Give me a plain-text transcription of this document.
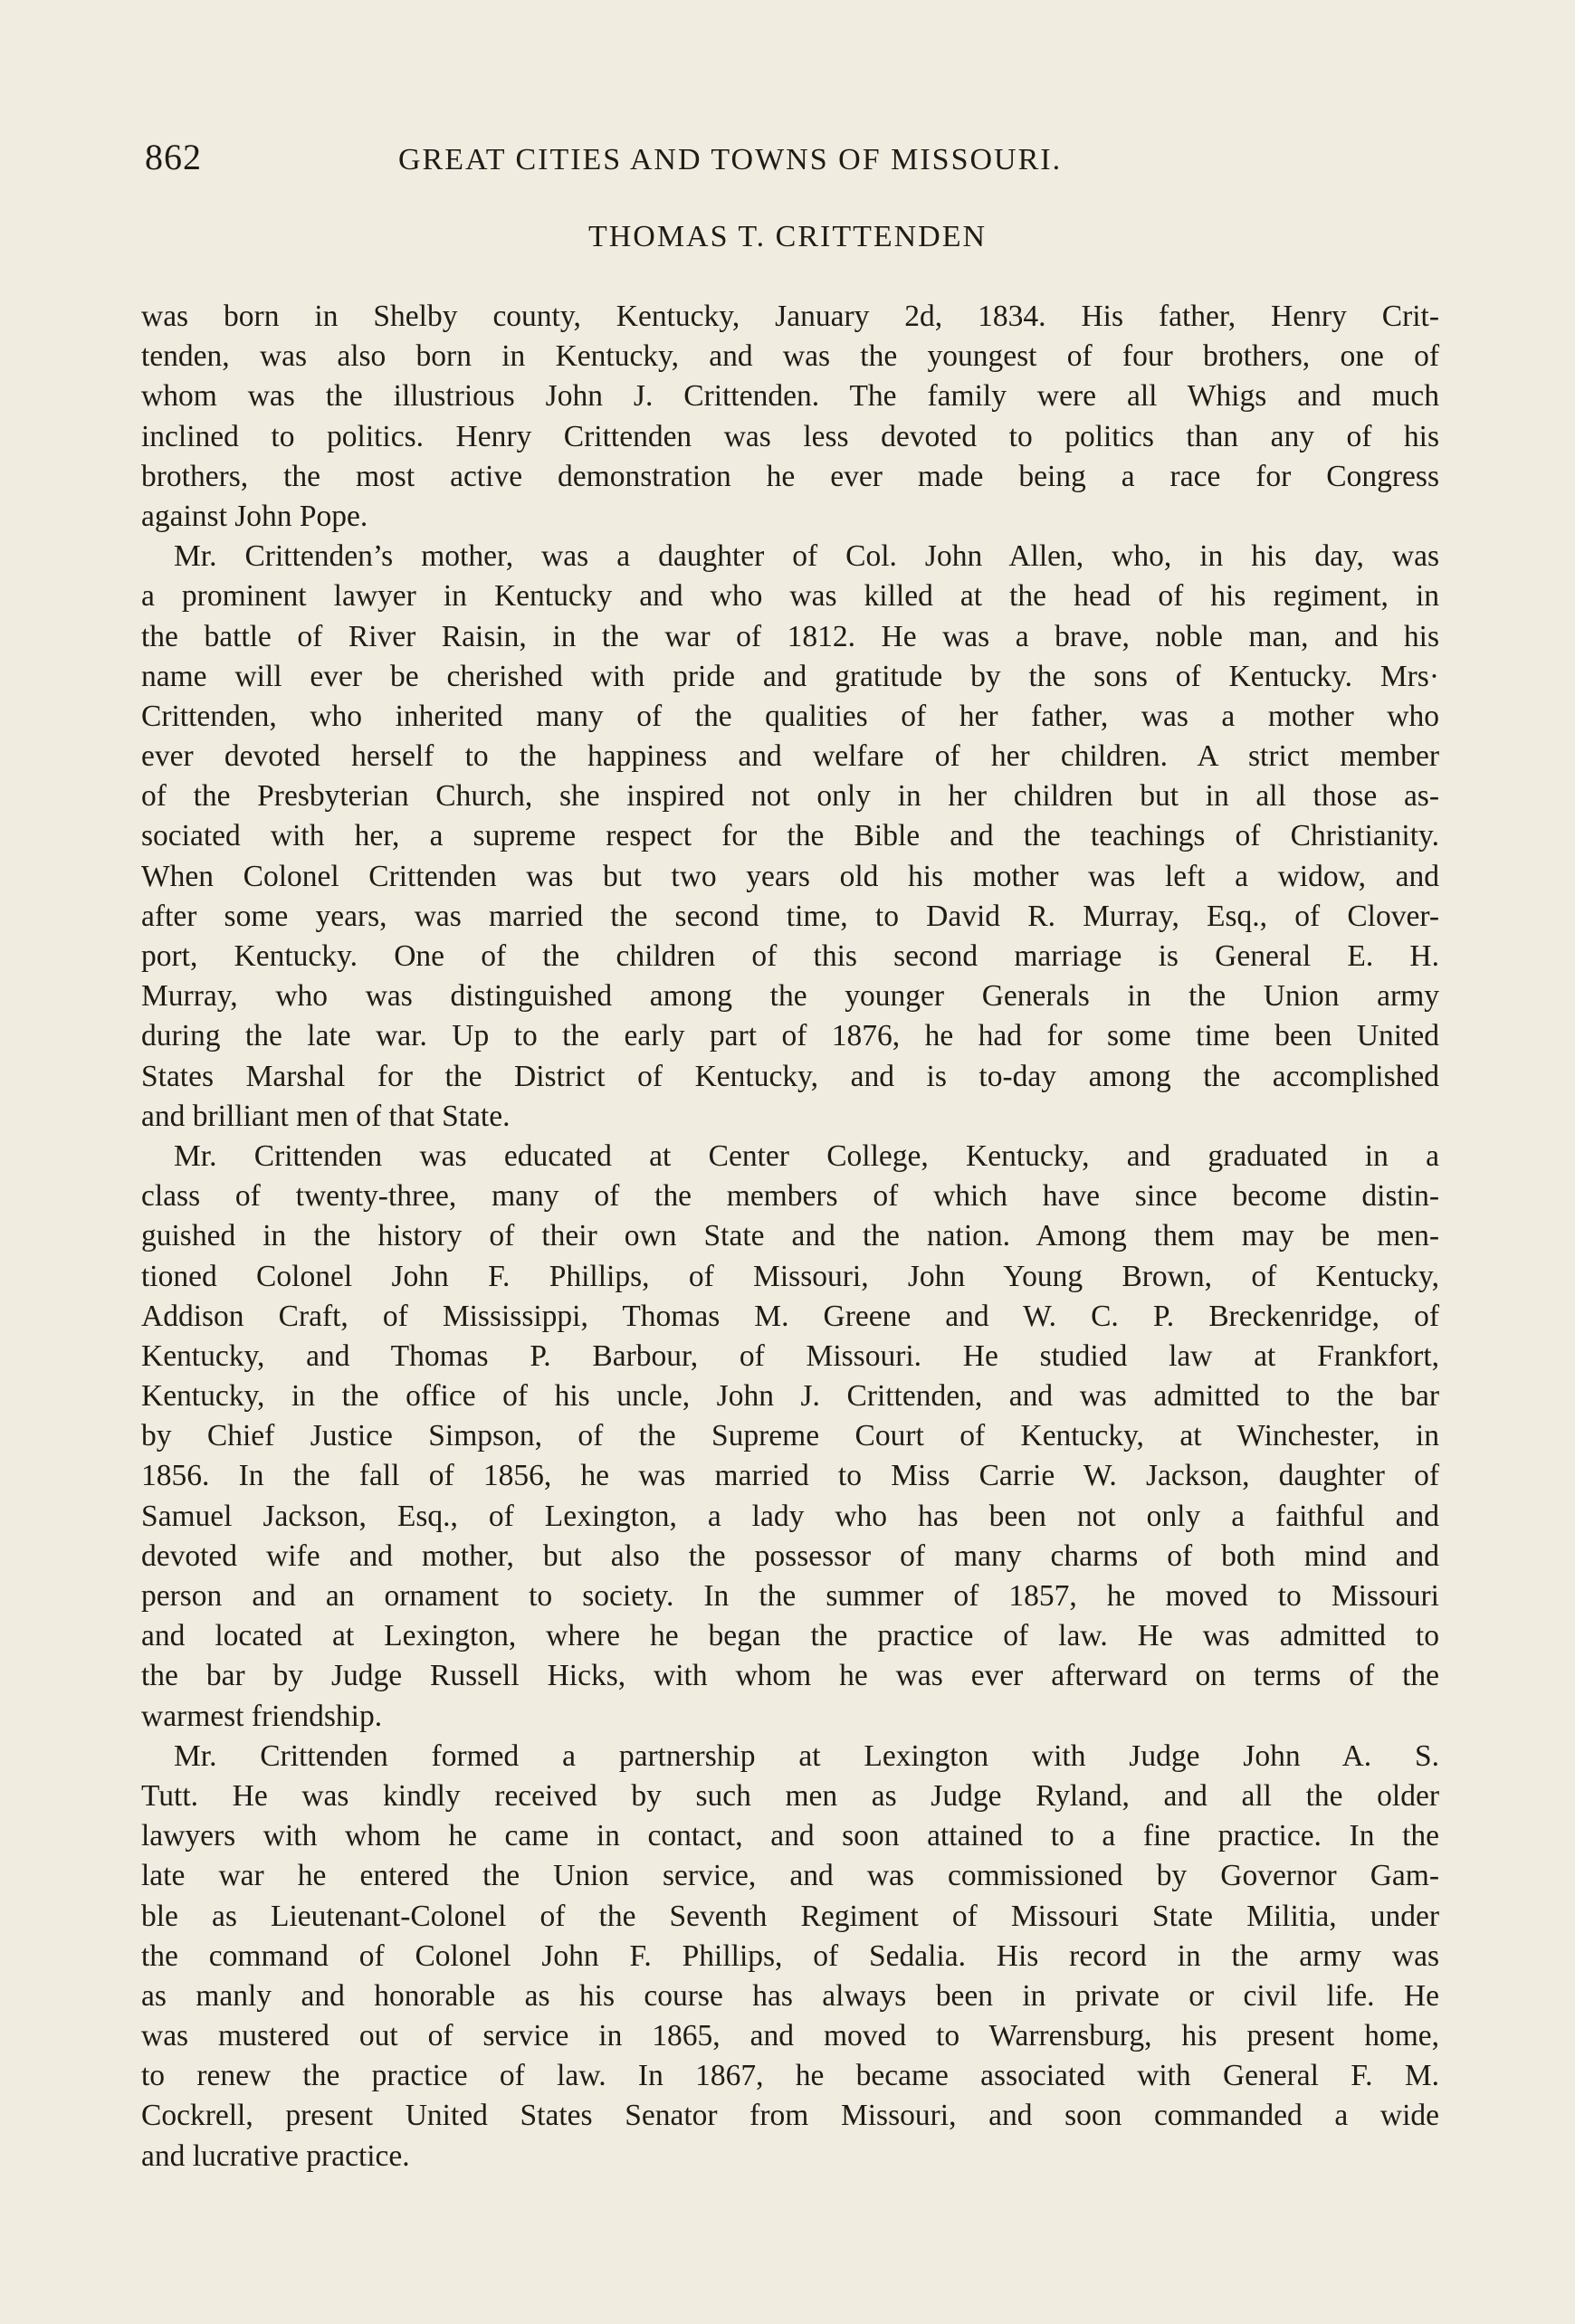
862	GREAT CITIES AND TOWNS OF MISSOURI.
THOMAS T. CRITTENDEN
was born in Shelby county, Kentucky, January 2d, 1834. His father, Henry Crit-
tenden, was also born in Kentucky, and was the youngest of four brothers, one of
whom was the illustrious John J. Crittenden. The family were all Whigs and much
inclined to politics. Henry Crittenden was less devoted to politics than any of his
brothers, the most active demonstration he ever made being a race for Congress
against John Pope.
Mr. Crittenden’s mother, was a daughter of Col. John Allen, who, in his day, was
a prominent lawyer in Kentucky and who was killed at the head of his regiment, in
the battle of River Raisin, in the war of 1812. He was a brave, noble man, and his
name will ever be cherished with pride and gratitude by the sons of Kentucky. Mrs·
Crittenden, who inherited many of the qualities of her father, was a mother who
ever devoted herself to the happiness and welfare of her children. A strict member
of the Presbyterian Church, she inspired not only in her children but in all those as-
sociated with her, a supreme respect for the Bible and the teachings of Christianity.
When Colonel Crittenden was but two years old his mother was left a widow, and
after some years, was married the second time, to David R. Murray, Esq., of Clover-
port, Kentucky. One of the children of this second marriage is General E. H.
Murray, who was distinguished among the younger Generals in the Union army
during the late war. Up to the early part of 1876, he had for some time been United
States Marshal for the District of Kentucky, and is to-day among the accomplished
and brilliant men of that State.
Mr. Crittenden was educated at Center College, Kentucky, and graduated in a
class of twenty-three, many of the members of which have since become distin-
guished in the history of their own State and the nation. Among them may be men-
tioned Colonel John F. Phillips, of Missouri, John Young Brown, of Kentucky,
Addison Craft, of Mississippi, Thomas M. Greene and W. C. P. Breckenridge, of
Kentucky, and Thomas P. Barbour, of Missouri. He studied law at Frankfort,
Kentucky, in the office of his uncle, John J. Crittenden, and was admitted to the bar
by Chief Justice Simpson, of the Supreme Court of Kentucky, at Winchester, in
1856. In the fall of 1856, he was married to Miss Carrie W. Jackson, daughter of
Samuel Jackson, Esq., of Lexington, a lady who has been not only a faithful and
devoted wife and mother, but also the possessor of many charms of both mind and
person and an ornament to society. In the summer of 1857, he moved to Missouri
and located at Lexington, where he began the practice of law. He was admitted to
the bar by Judge Russell Hicks, with whom he was ever afterward on terms of the
warmest friendship.
Mr. Crittenden formed a partnership at Lexington with Judge John A. S.
Tutt. He was kindly received by such men as Judge Ryland, and all the older
lawyers with whom he came in contact, and soon attained to a fine practice. In the
late war he entered the Union service, and was commissioned by Governor Gam-
ble as Lieutenant-Colonel of the Seventh Regiment of Missouri State Militia, under
the command of Colonel John F. Phillips, of Sedalia. His record in the army was
as manly and honorable as his course has always been in private or civil life. He
was mustered out of service in 1865, and moved to Warrensburg, his present home,
to renew the practice of law. In 1867, he became associated with General F. M.
Cockrell, present United States Senator from Missouri, and soon commanded a wide
and lucrative practice.
